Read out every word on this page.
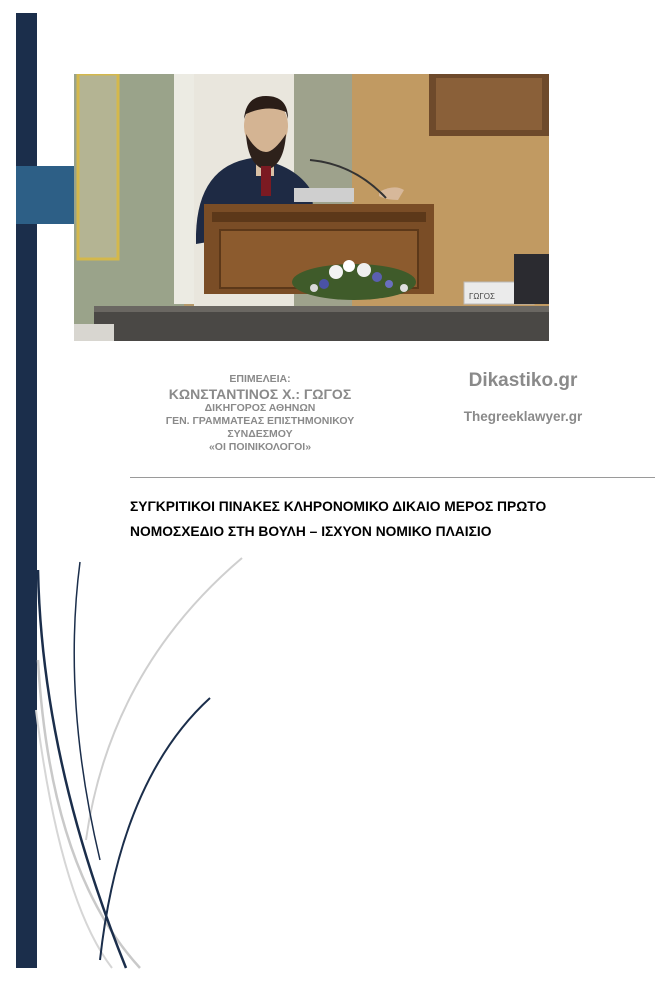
ΓΩΓΟΣ
ΕΠΙΜΕΛΕΙΑ:
ΚΩΝΣΤΑΝΤΙΝΟΣ Χ.: ΓΩΓΟΣ
ΔΙΚΗΓΟΡΟΣ ΑΘΗΝΩΝ
ΓΕΝ. ΓΡΑΜΜΑΤΕΑΣ ΕΠΙΣΤΗΜΟΝΙΚΟΥ
ΣΥΝΔΕΣΜΟΥ
«ΟΙ ΠΟΙΝΙΚΟΛΟΓΟΙ»
Dikastiko.gr
Thegreeklawyer.gr
ΣΥΓΚΡΙΤΙΚΟΙ ΠΙΝΑΚΕΣ ΚΛΗΡΟΝΟΜΙΚΟ ΔΙΚΑΙΟ ΜΕΡΟΣ ΠΡΩΤΟ
ΝΟΜΟΣΧΕΔΙΟ ΣΤΗ ΒΟΥΛΗ – ΙΣΧΥΟΝ ΝΟΜΙΚΟ ΠΛΑΙΣΙΟ
